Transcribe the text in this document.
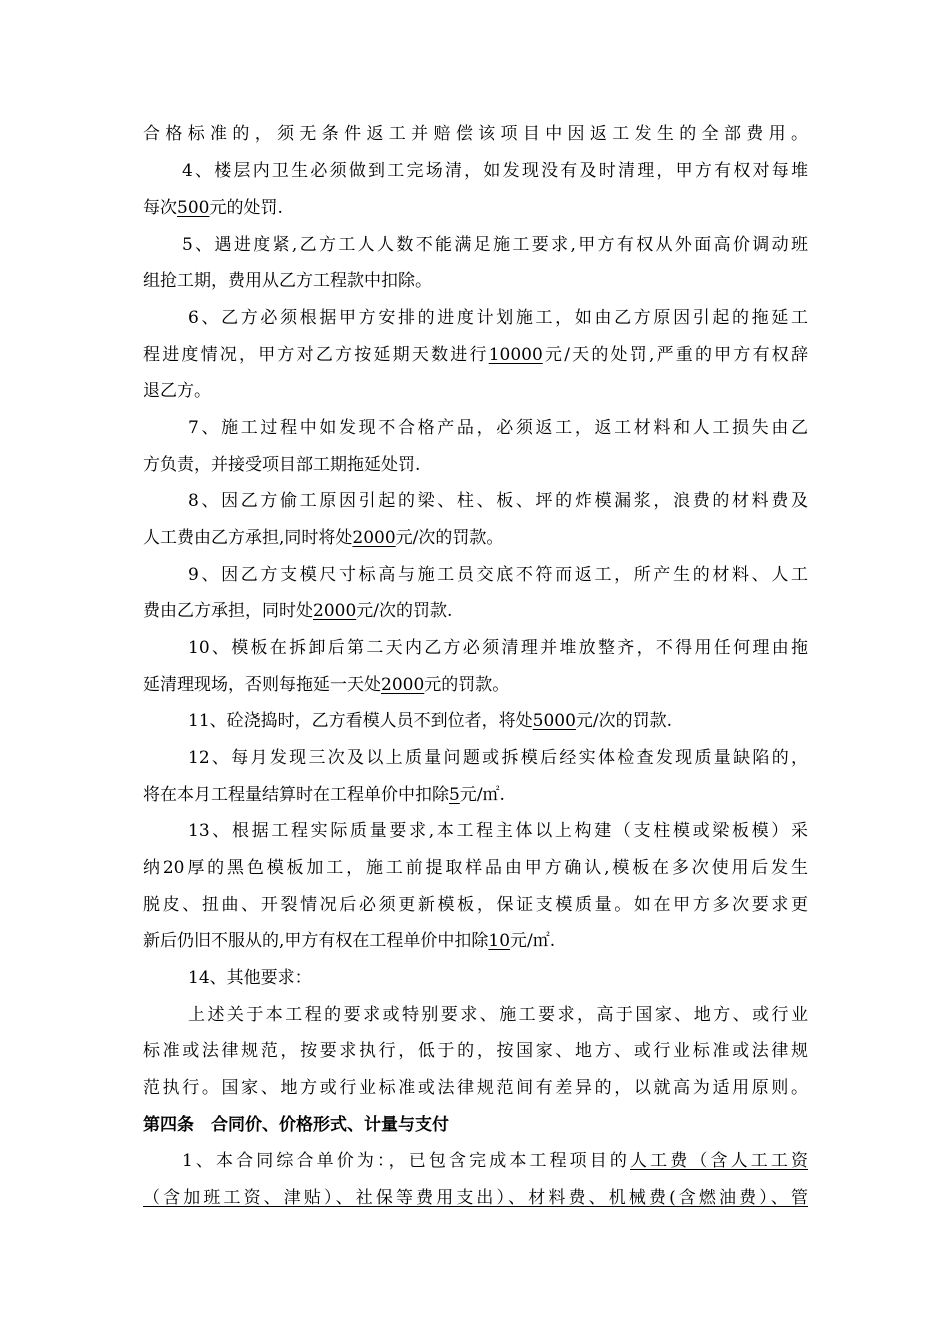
合格标准的，须无条件返工并赔偿该项目中因返工发生的全部费用。
4、楼层内卫生必须做到工完场清，如发现没有及时清理，甲方有权对每堆
每次500元的处罚.
5、遇进度紧,乙方工人人数不能满足施工要求,甲方有权从外面高价调动班
组抢工期，费用从乙方工程款中扣除。
6、乙方必须根据甲方安排的进度计划施工，如由乙方原因引起的拖延工
程进度情况，甲方对乙方按延期天数进行10000元/天的处罚,严重的甲方有权辞
退乙方。
7、施工过程中如发现不合格产品，必须返工，返工材料和人工损失由乙
方负责，并接受项目部工期拖延处罚.
8、因乙方偷工原因引起的梁、柱、板、坪的炸模漏浆，浪费的材料费及
人工费由乙方承担,同时将处2000元/次的罚款。
9、因乙方支模尺寸标高与施工员交底不符而返工，所产生的材料、人工
费由乙方承担，同时处2000元/次的罚款.
10、模板在拆卸后第二天内乙方必须清理并堆放整齐，不得用任何理由拖
延清理现场，否则每拖延一天处2000元的罚款。
11、砼浇捣时，乙方看模人员不到位者，将处5000元/次的罚款.
12、每月发现三次及以上质量问题或拆模后经实体检查发现质量缺陷的，
将在本月工程量结算时在工程单价中扣除5元/㎡.
13、根据工程实际质量要求,本工程主体以上构建（支柱模或梁板模）采
纳20厚的黑色模板加工，施工前提取样品由甲方确认,模板在多次使用后发生
脱皮、扭曲、开裂情况后必须更新模板，保证支模质量。如在甲方多次要求更
新后仍旧不服从的,甲方有权在工程单价中扣除10元/㎡.
14、其他要求：
上述关于本工程的要求或特别要求、施工要求，高于国家、地方、或行业
标准或法律规范，按要求执行，低于的，按国家、地方、或行业标准或法律规
范执行。国家、地方或行业标准或法律规范间有差异的，以就高为适用原则。
第四条　合同价、价格形式、计量与支付
1、本合同综合单价为：，已包含完成本工程项目的人工费（含人工工资
（含加班工资、津贴）、社保等费用支出）、材料费、机械费(含燃油费）、管
